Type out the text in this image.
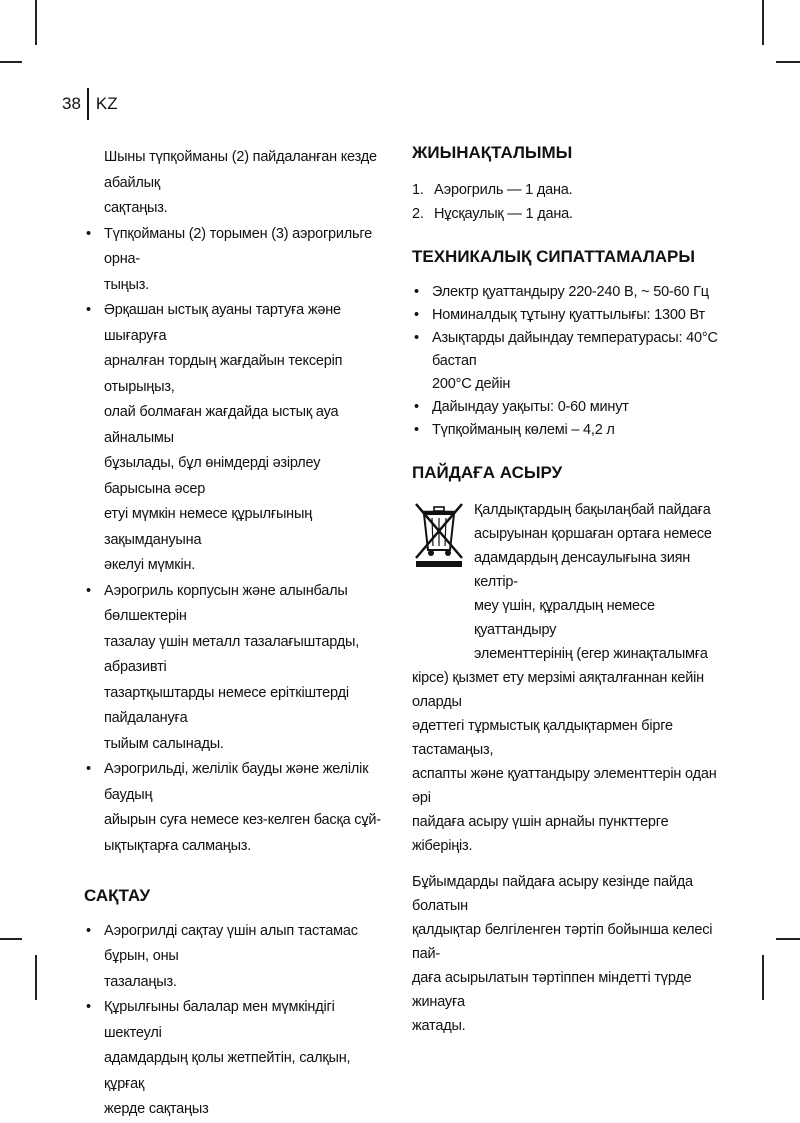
38 KZ
Шыны түпқойманы (2) пайдаланған кезде абайлық
сақтаңыз.
• Түпқойманы (2) торымен (3) аэрогрильге орна-
тыңыз.
• Әрқашан ыстық ауаны тартуға және шығаруға
арналған тордың жағдайын тексеріп отырыңыз,
олай болмаған жағдайда ыстық ауа айналымы
бұзылады, бұл өнімдерді әзірлеу барысына әсер
етуі мүмкін немесе құрылғының зақымдануына
әкелуі мүмкін.
• Аэрогриль корпусын және алынбалы бөлшектерін
тазалау үшін металл тазалағыштарды, абразивті
тазартқыштарды немесе еріткіштерді пайдалануға
тыйым салынады.
• Аэрогрильді, желілік бауды және желілік баудың
айырын суға немесе кез-келген басқа сұй-
ықтықтарға салмаңыз.
САҚТАУ
• Аэрогрилді сақтау үшін алып тастамас бұрын, оны
тазалаңыз.
• Құрылғыны балалар мен мүмкіндігі шектеулі
адамдардың қолы жетпейтін, салқын, құрғақ
жерде сақтаңыз
ЖИЫНАҚТАЛЫМЫ
1. Аэрогриль — 1 дана.
2. Нұсқаулық — 1 дана.
ТЕХНИКАЛЫҚ СИПАТТАМАЛАРЫ
• Электр қуаттандыру 220-240 В, ~ 50-60 Гц
• Номиналдық тұтыну қуаттылығы: 1300 Вт
• Азықтарды дайындау температурасы: 40°С бастап
200°С дейін
• Дайындау уақыты: 0-60 минут
• Түпқойманың көлемі – 4,2 л
ПАЙДАҒА АСЫРУ
Қалдықтардың бақылаңбай пайдаға
асыруынан қоршаған ортаға немесе
адамдардың денсаулығына зиян келтір-
меу үшін, құралдың немесе қуаттандыру
элементтерінің (егер жинақталымға
кірсе) қызмет ету мерзімі аяқталғаннан кейін оларды
әдеттегі тұрмыстық қалдықтармен бірге тастамаңыз,
аспапты және қуаттандыру элементтерін одан әрі
пайдаға асыру үшін арнайы пункттерге жіберіңіз.
Бұйымдарды пайдаға асыру кезінде пайда болатын
қалдықтар белгіленген тәртіп бойынша келесі пай-
даға асырылатын тәртіппен міндетті түрде жинауға
жатады.
